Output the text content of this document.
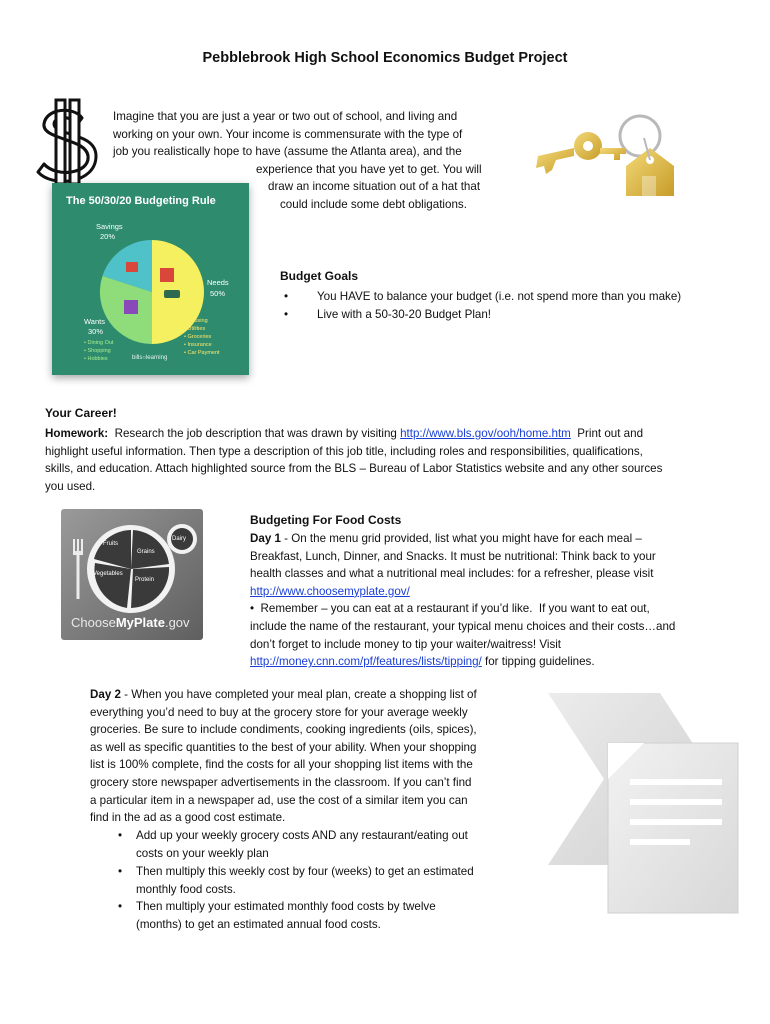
Pebblebrook High School Economics Budget Project
Imagine that you are just a year or two out of school, and living and
working on your own. Your income is commensurate with the type of
job you realistically hope to have (assume the Atlanta area), and the
experience that you have yet to get. You will
draw an income situation out of a hat that
could include some debt obligations.
The 50/30/20 Budgeting Rule
Savings
20%
Needs
50%
Wants
30%
• Housing
• Utilities
• Groceries
• Insurance
• Car Payment
• Dining Out
• Shopping
• Hobbies	bills○learning
Budget Goals
• You HAVE to balance your budget (i.e. not spend more than you make)
• Live with a 50-30-20 Budget Plan!
Your Career!
Homework:  Research the job description that was drawn by visiting http://www.bls.gov/ooh/home.htm  Print out and
highlight useful information. Then type a description of this job title, including roles and responsibilities, qualifications,
skills, and education. Attach highlighted source from the BLS – Bureau of Labor Statistics website and any other sources
you used.
Fruits
Grains
Vegetables
Protein
Dairy
ChooseMyPlate.gov
Budgeting For Food Costs
Day 1 - On the menu grid provided, list what you might have for each meal –
Breakfast, Lunch, Dinner, and Snacks. It must be nutritional: Think back to your
health classes and what a nutritional meal includes: for a refresher, please visit
http://www.choosemyplate.gov/
•  Remember – you can eat at a restaurant if you’d like.  If you want to eat out,
include the name of the restaurant, your typical menu choices and their costs…and
don’t forget to include money to tip your waiter/waitress! Visit
http://money.cnn.com/pf/features/lists/tipping/ for tipping guidelines.
Day 2 - When you have completed your meal plan, create a shopping list of
everything you’d need to buy at the grocery store for your average weekly
groceries. Be sure to include condiments, cooking ingredients (oils, spices),
as well as specific quantities to the best of your ability. When your shopping
list is 100% complete, find the costs for all your shopping list items with the
grocery store newspaper advertisements in the classroom. If you can’t find
a particular item in a newspaper ad, use the cost of a similar item you can
find in the ad as a good cost estimate.
• Add up your weekly grocery costs AND any restaurant/eating out
costs on your weekly plan
• Then multiply this weekly cost by four (weeks) to get an estimated
monthly food costs.
• Then multiply your estimated monthly food costs by twelve
(months) to get an estimated annual food costs.
